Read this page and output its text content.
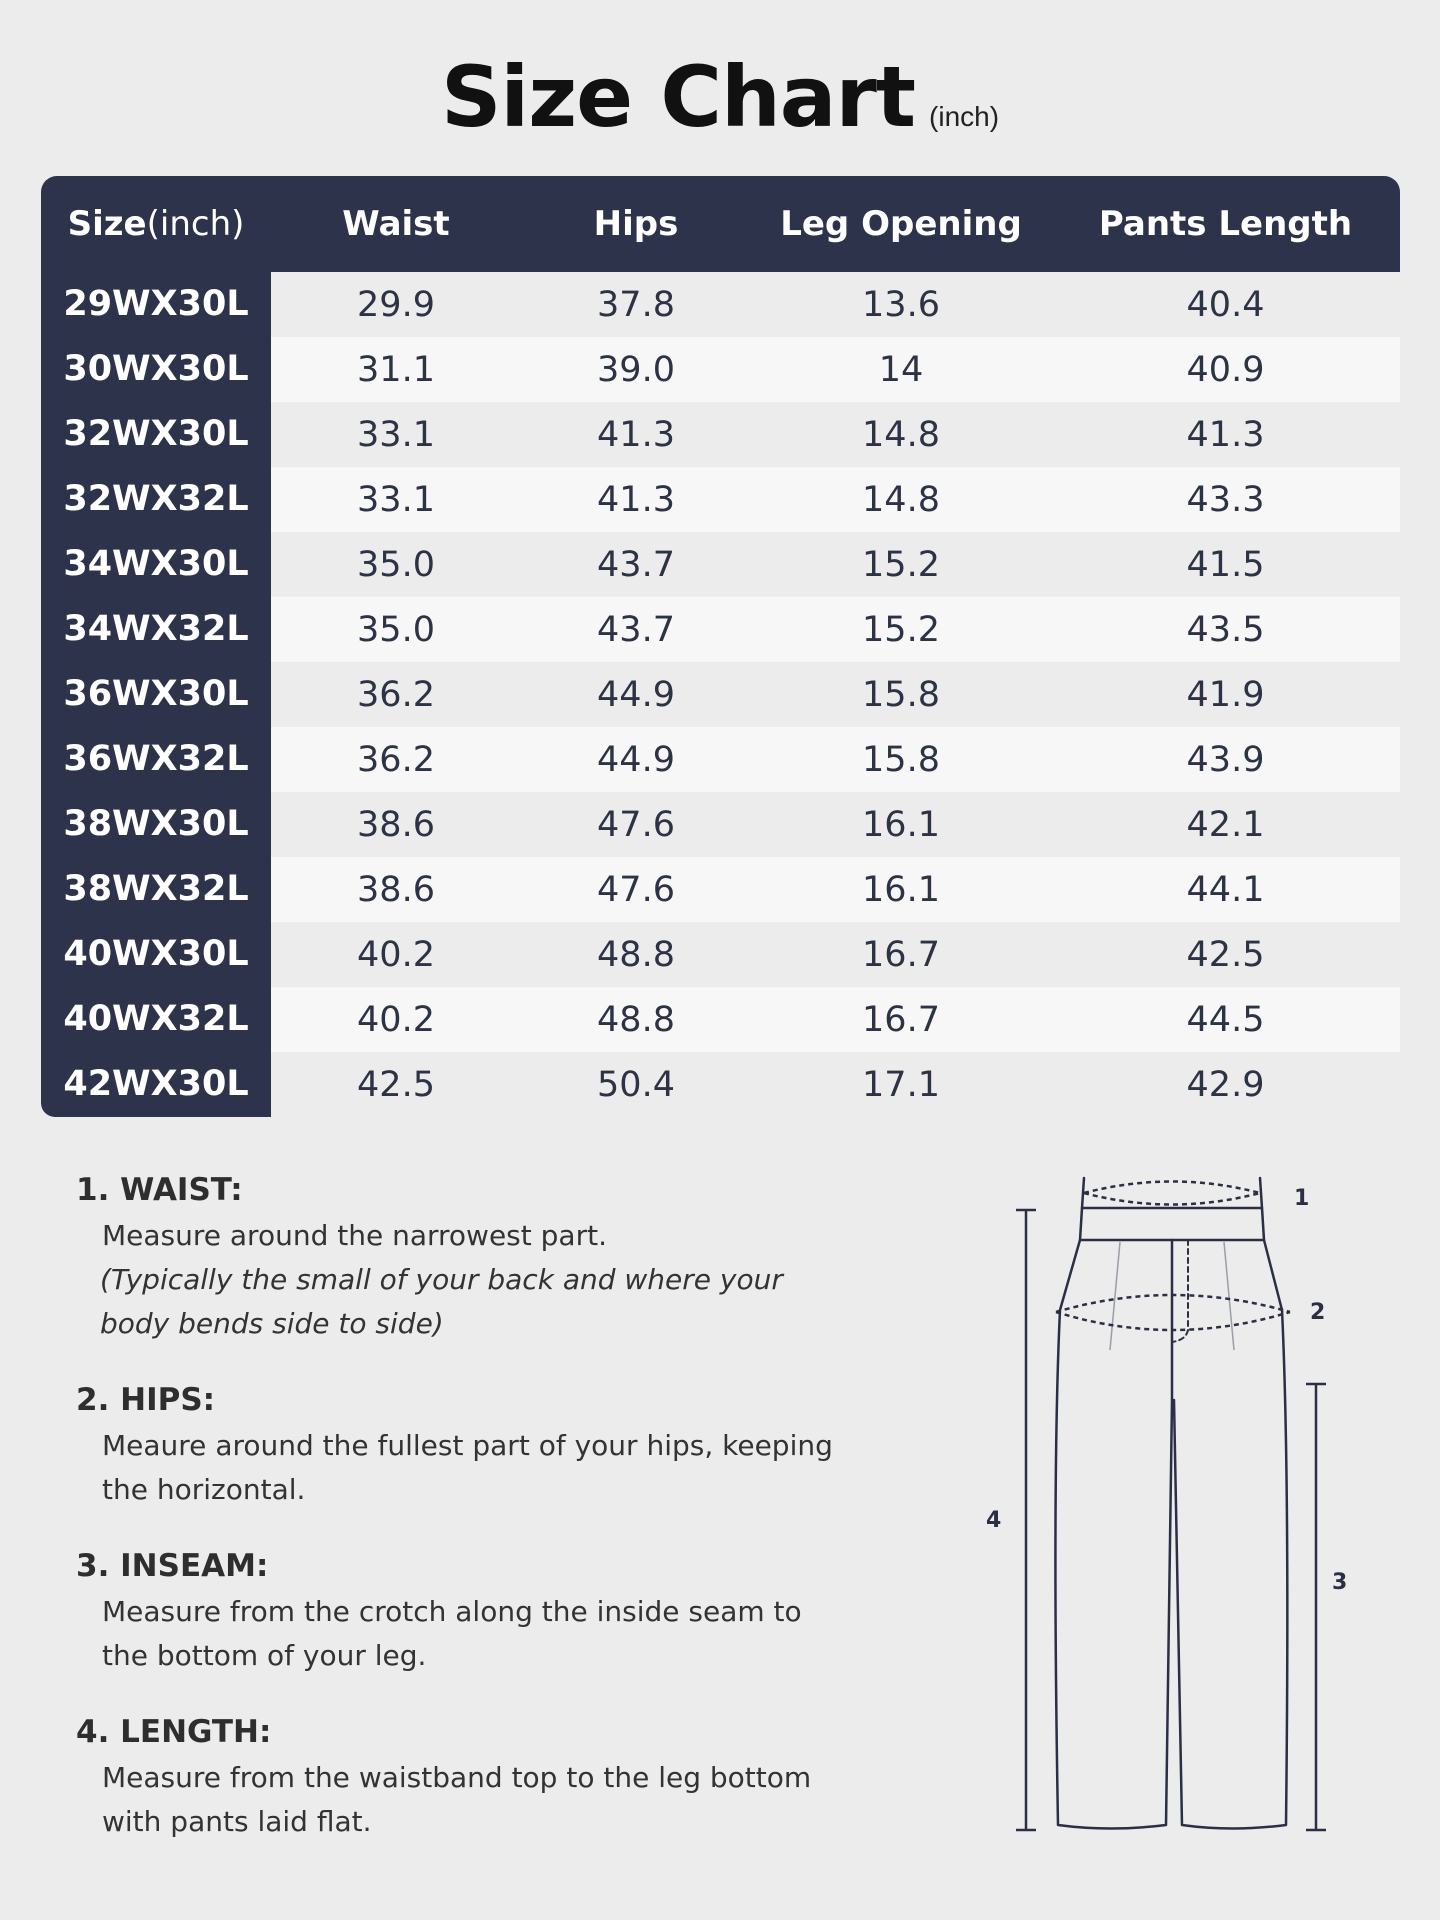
Size Chart (inch)
Size(inch)	Waist	Hips	Leg Opening	Pants Length
29WX30L	29.9	37.8	13.6	40.4
30WX30L	31.1	39.0	14	40.9
32WX30L	33.1	41.3	14.8	41.3
32WX32L	33.1	41.3	14.8	43.3
34WX30L	35.0	43.7	15.2	41.5
34WX32L	35.0	43.7	15.2	43.5
36WX30L	36.2	44.9	15.8	41.9
36WX32L	36.2	44.9	15.8	43.9
38WX30L	38.6	47.6	16.1	42.1
38WX32L	38.6	47.6	16.1	44.1
40WX30L	40.2	48.8	16.7	42.5
40WX32L	40.2	48.8	16.7	44.5
42WX30L	42.5	50.4	17.1	42.9
1. WAIST:
Measure around the narrowest part.
(Typically the small of your back and where your
body bends side to side)
2. HIPS:
Meaure around the fullest part of your hips, keeping
the horizontal.
3. INSEAM:
Measure from the crotch along the inside seam to
the bottom of your leg.
4. LENGTH:
Measure from the waistband top to the leg bottom
with pants laid flat.
1
2
3
4
